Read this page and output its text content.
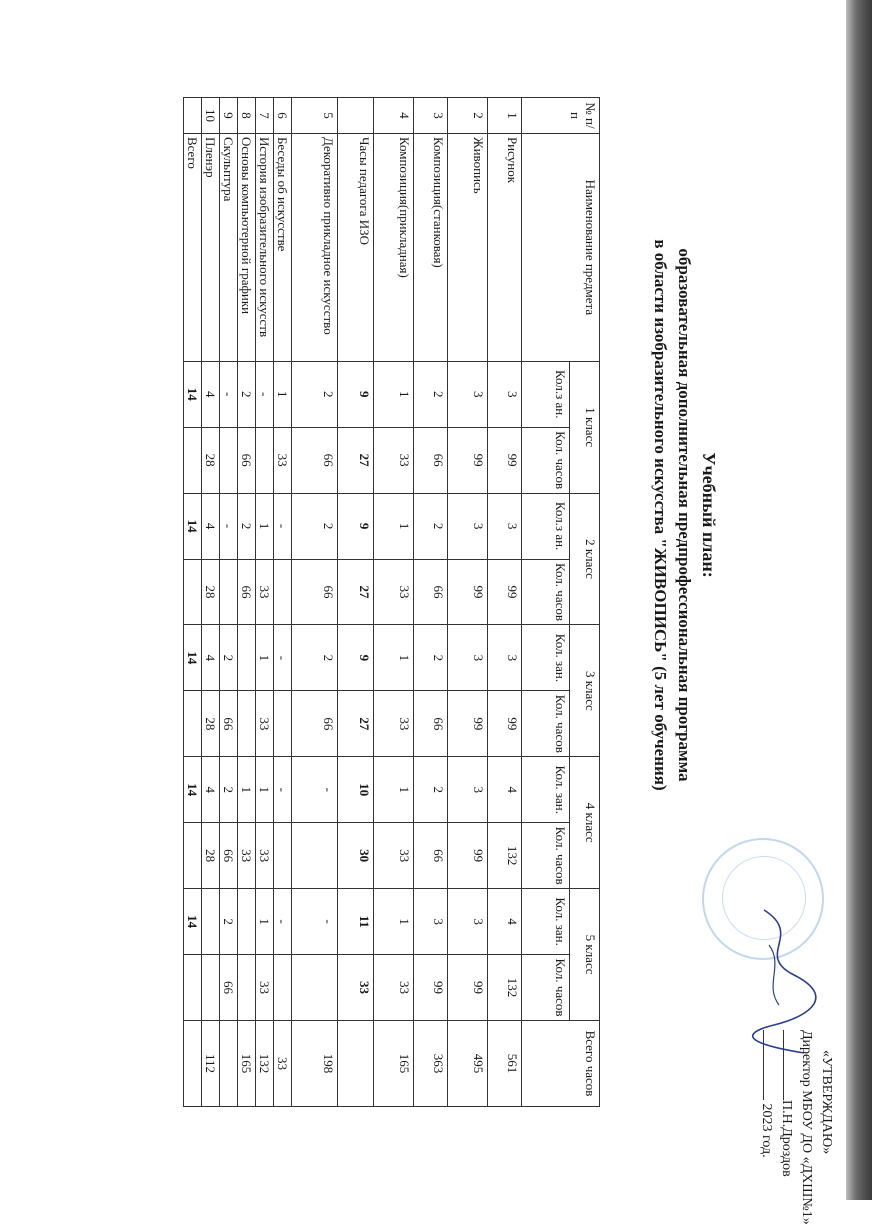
«УТВЕРЖДАЮ»
Директор МБОУ ДО «ДХШ№1»
П.Н.Дроздов
2023 год.
Учебный план:
образовательная дополнительная предпрофессиональная программа
в области изобразительного искусства "ЖИВОПИСЬ" (5 лет обучения)
№ п/п	Наименование предмета	1 класс		2 класс		3 класс		4 класс		5 класс		Всего часов
		Кол.з ан.	Кол. часов	Кол.з ан.	Кол. часов	Кол. зан.	Кол. часов	Кол. зан.	Кол. часов	Кол. зан.	Кол. часов	
1	Рисунок	3	99	3	99	3	99	4	132	4	132	561
2	Живопись	3	99	3	99	3	99	3	99	3	99	495
3	Композиция(станковая)	2	66	2	66	2	66	2	66	3	99	363
4	Композиция(прикладная)	1	33	1	33	1	33	1	33	1	33	165
	Часы педагога ИЗО	9	27	9	27	9	27	10	30	11	33	
5	Декоративно прикладное искусство	2	66	2	66	2	66	-		-		198
6	Беседы об искусстве	1	33	-		-		-		-		33
7	История изобразительного искусств	-		1	33	1	33	1	33	1	33	132
8	Основы компьютерной графики	2	66	2	66			1	33			165
9	Скульптура	-		-		2	66	2	66	2	66	
10	Пленэр	4	28	4	28	4	28	4	28			112
	Всего	14		14		14		14		14		
